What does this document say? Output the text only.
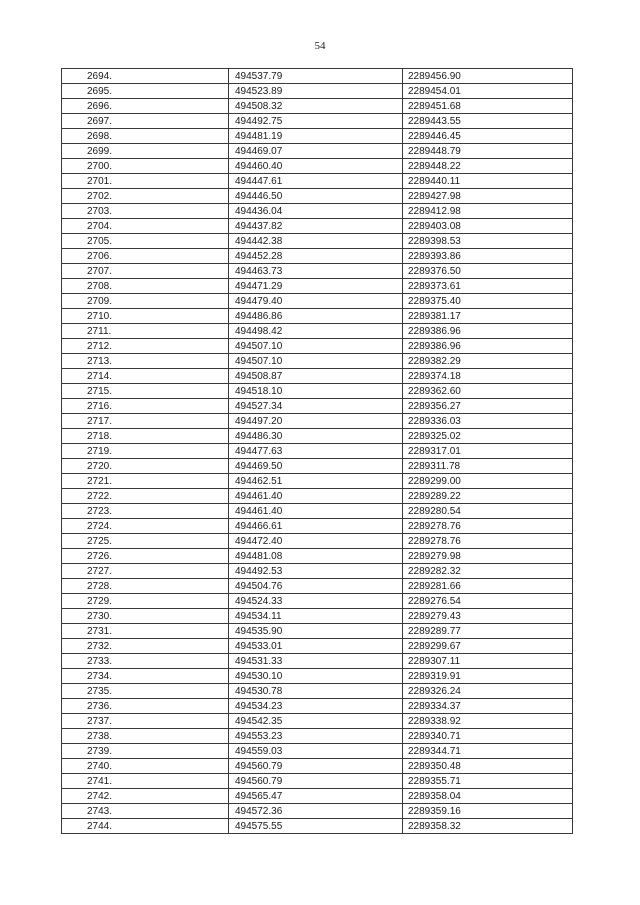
54
2694.	494537.79	2289456.90
2695.	494523.89	2289454.01
2696.	494508.32	2289451.68
2697.	494492.75	2289443.55
2698.	494481.19	2289446.45
2699.	494469.07	2289448.79
2700.	494460.40	2289448.22
2701.	494447.61	2289440.11
2702.	494446.50	2289427.98
2703.	494436.04	2289412.98
2704.	494437.82	2289403.08
2705.	494442.38	2289398.53
2706.	494452.28	2289393.86
2707.	494463.73	2289376.50
2708.	494471.29	2289373.61
2709.	494479.40	2289375.40
2710.	494486.86	2289381.17
2711.	494498.42	2289386.96
2712.	494507.10	2289386.96
2713.	494507.10	2289382.29
2714.	494508.87	2289374.18
2715.	494518.10	2289362.60
2716.	494527.34	2289356.27
2717.	494497.20	2289336.03
2718.	494486.30	2289325.02
2719.	494477.63	2289317.01
2720.	494469.50	2289311.78
2721.	494462.51	2289299.00
2722.	494461.40	2289289.22
2723.	494461.40	2289280.54
2724.	494466.61	2289278.76
2725.	494472.40	2289278.76
2726.	494481.08	2289279.98
2727.	494492.53	2289282.32
2728.	494504.76	2289281.66
2729.	494524.33	2289276.54
2730.	494534.11	2289279.43
2731.	494535.90	2289289.77
2732.	494533.01	2289299.67
2733.	494531.33	2289307.11
2734.	494530.10	2289319.91
2735.	494530.78	2289326.24
2736.	494534.23	2289334.37
2737.	494542.35	2289338.92
2738.	494553.23	2289340.71
2739.	494559.03	2289344.71
2740.	494560.79	2289350.48
2741.	494560.79	2289355.71
2742.	494565.47	2289358.04
2743.	494572.36	2289359.16
2744.	494575.55	2289358.32
